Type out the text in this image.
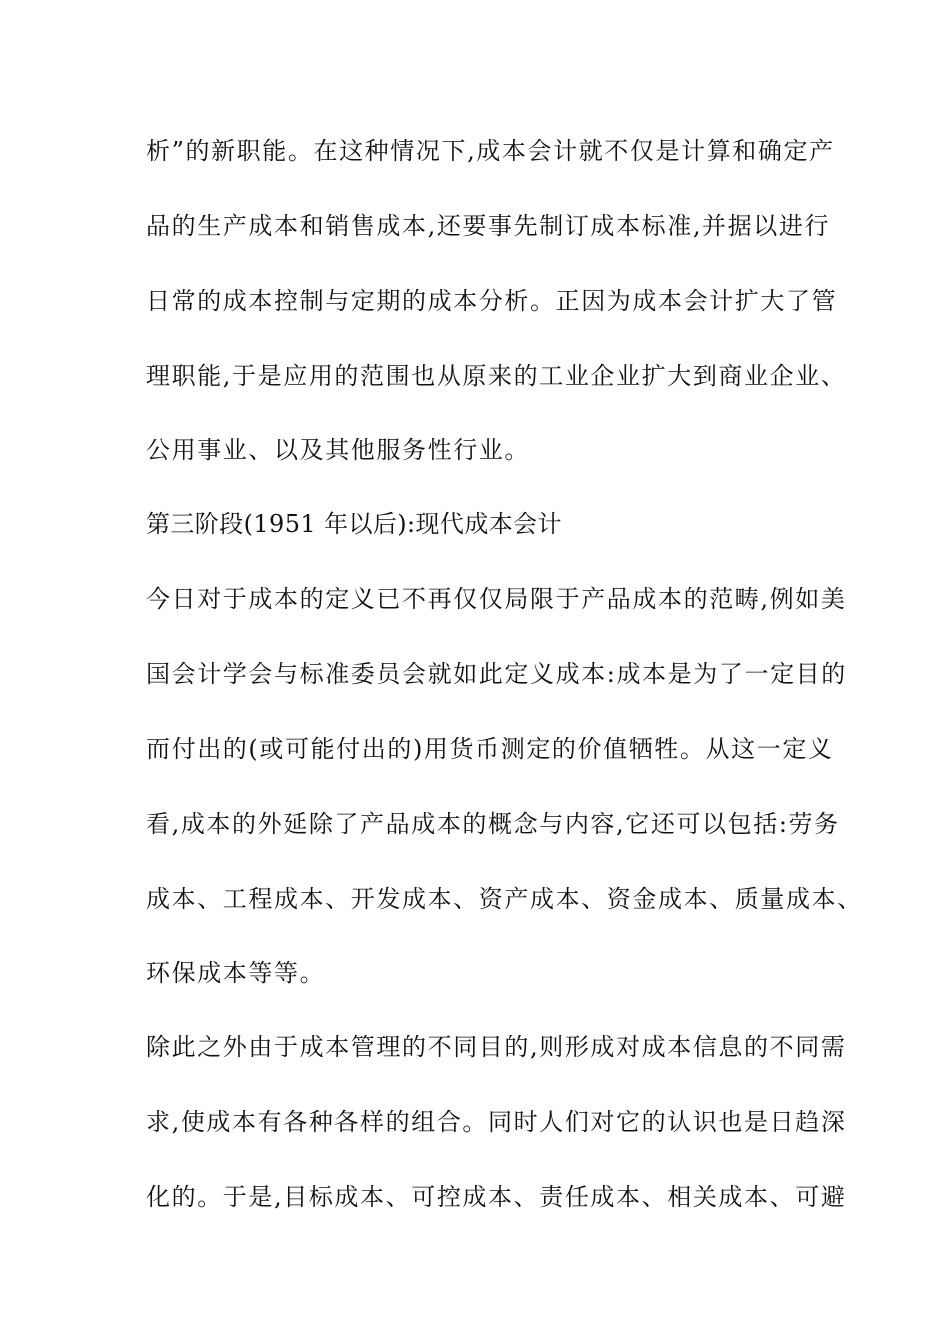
析”的新职能。在这种情况下,成本会计就不仅是计算和确定产
品的生产成本和销售成本,还要事先制订成本标准,并据以进行
日常的成本控制与定期的成本分析。正因为成本会计扩大了管
理职能,于是应用的范围也从原来的工业企业扩大到商业企业、
公用事业、以及其他服务性行业。
第三阶段(1951 年以后):现代成本会计
今日对于成本的定义已不再仅仅局限于产品成本的范畴,例如美
国会计学会与标准委员会就如此定义成本:成本是为了一定目的
而付出的(或可能付出的)用货币测定的价值牺牲。从这一定义
看,成本的外延除了产品成本的概念与内容,它还可以包括:劳务
成本、工程成本、开发成本、资产成本、资金成本、质量成本、
环保成本等等。
除此之外由于成本管理的不同目的,则形成对成本信息的不同需
求,使成本有各种各样的组合。同时人们对它的认识也是日趋深
化的。于是,目标成本、可控成本、责任成本、相关成本、可避
